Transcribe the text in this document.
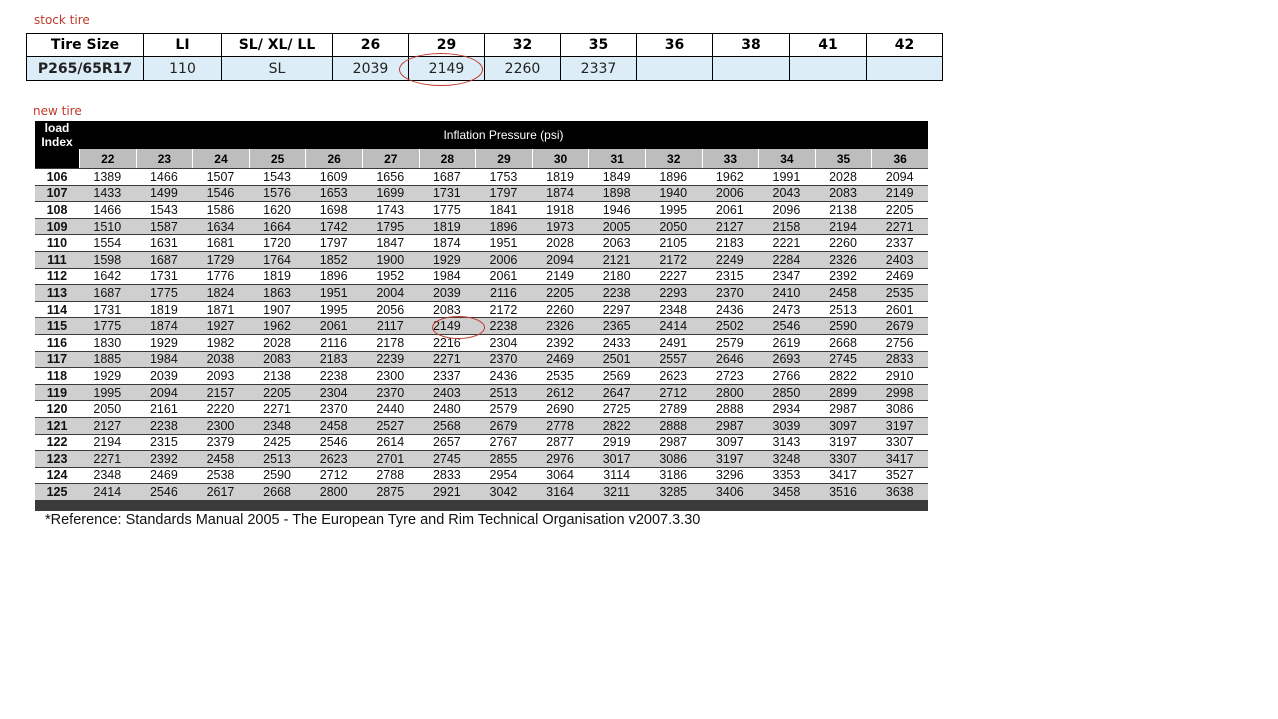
stock tire
Tire Size	LI	SL/ XL/ LL	26	29	32	35	36	38	41	42
P265/65R17	110	SL	2039	2149	2260	2337				
new tire
load Index	Inflation Pressure (psi)														
	22	23	24	25	26	27	28	29	30	31	32	33	34	35	36
106	1389	1466	1507	1543	1609	1656	1687	1753	1819	1849	1896	1962	1991	2028	2094
107	1433	1499	1546	1576	1653	1699	1731	1797	1874	1898	1940	2006	2043	2083	2149
108	1466	1543	1586	1620	1698	1743	1775	1841	1918	1946	1995	2061	2096	2138	2205
109	1510	1587	1634	1664	1742	1795	1819	1896	1973	2005	2050	2127	2158	2194	2271
110	1554	1631	1681	1720	1797	1847	1874	1951	2028	2063	2105	2183	2221	2260	2337
111	1598	1687	1729	1764	1852	1900	1929	2006	2094	2121	2172	2249	2284	2326	2403
112	1642	1731	1776	1819	1896	1952	1984	2061	2149	2180	2227	2315	2347	2392	2469
113	1687	1775	1824	1863	1951	2004	2039	2116	2205	2238	2293	2370	2410	2458	2535
114	1731	1819	1871	1907	1995	2056	2083	2172	2260	2297	2348	2436	2473	2513	2601
115	1775	1874	1927	1962	2061	2117	2149	2238	2326	2365	2414	2502	2546	2590	2679
116	1830	1929	1982	2028	2116	2178	2216	2304	2392	2433	2491	2579	2619	2668	2756
117	1885	1984	2038	2083	2183	2239	2271	2370	2469	2501	2557	2646	2693	2745	2833
118	1929	2039	2093	2138	2238	2300	2337	2436	2535	2569	2623	2723	2766	2822	2910
119	1995	2094	2157	2205	2304	2370	2403	2513	2612	2647	2712	2800	2850	2899	2998
120	2050	2161	2220	2271	2370	2440	2480	2579	2690	2725	2789	2888	2934	2987	3086
121	2127	2238	2300	2348	2458	2527	2568	2679	2778	2822	2888	2987	3039	3097	3197
122	2194	2315	2379	2425	2546	2614	2657	2767	2877	2919	2987	3097	3143	3197	3307
123	2271	2392	2458	2513	2623	2701	2745	2855	2976	3017	3086	3197	3248	3307	3417
124	2348	2469	2538	2590	2712	2788	2833	2954	3064	3114	3186	3296	3353	3417	3527
125	2414	2546	2617	2668	2800	2875	2921	3042	3164	3211	3285	3406	3458	3516	3638
*Reference: Standards Manual 2005 - The European Tyre and Rim Technical Organisation v2007.3.30
